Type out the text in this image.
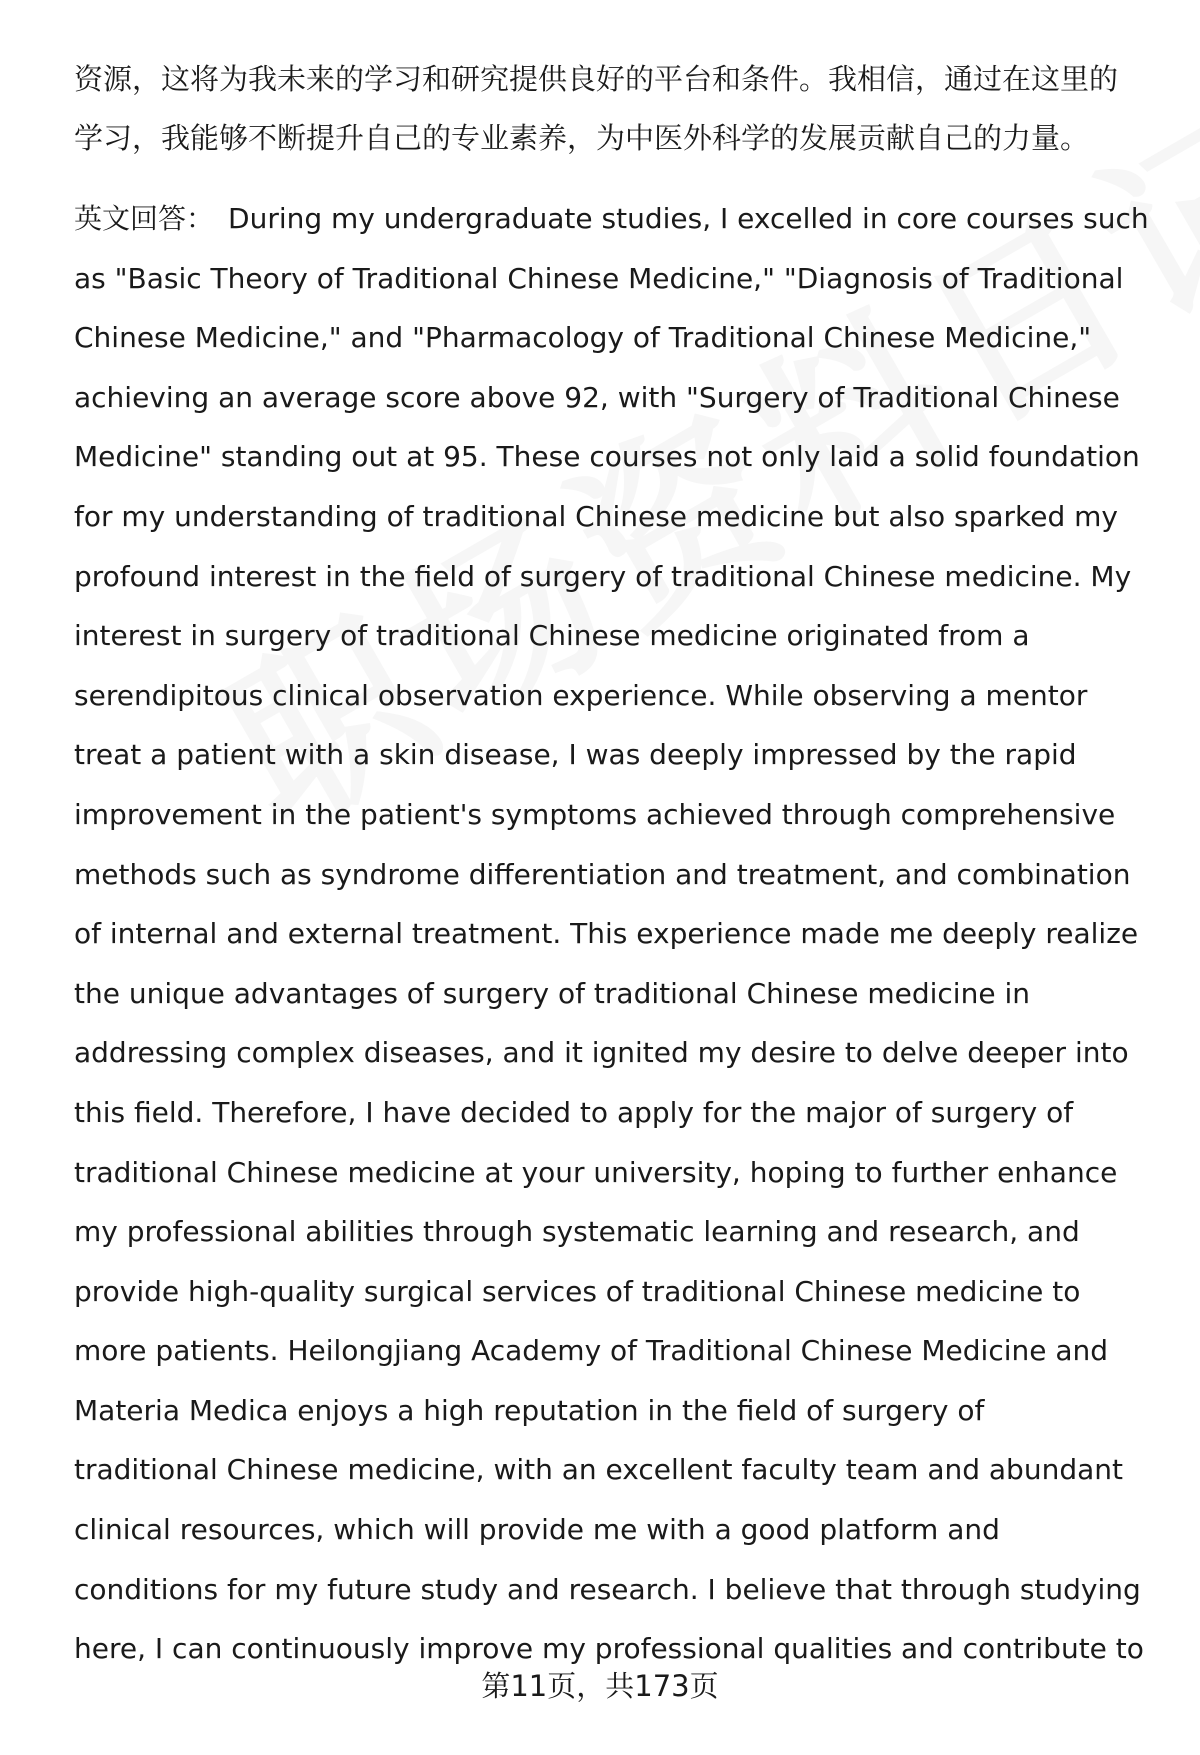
资源，这将为我未来的学习和研究提供良好的平台和条件。我相信，通过在这里的
学习，我能够不断提升自己的专业素养，为中医外科学的发展贡献自己的力量。
英文回答： During my undergraduate studies, I excelled in core courses such
as "Basic Theory of Traditional Chinese Medicine," "Diagnosis of Traditional
Chinese Medicine," and "Pharmacology of Traditional Chinese Medicine,"
achieving an average score above 92, with "Surgery of Traditional Chinese
Medicine" standing out at 95. These courses not only laid a solid foundation
for my understanding of traditional Chinese medicine but also sparked my
profound interest in the field of surgery of traditional Chinese medicine. My
interest in surgery of traditional Chinese medicine originated from a
serendipitous clinical observation experience. While observing a mentor
treat a patient with a skin disease, I was deeply impressed by the rapid
improvement in the patient's symptoms achieved through comprehensive
methods such as syndrome differentiation and treatment, and combination
of internal and external treatment. This experience made me deeply realize
the unique advantages of surgery of traditional Chinese medicine in
addressing complex diseases, and it ignited my desire to delve deeper into
this field. Therefore, I have decided to apply for the major of surgery of
traditional Chinese medicine at your university, hoping to further enhance
my professional abilities through systematic learning and research, and
provide high-quality surgical services of traditional Chinese medicine to
more patients. Heilongjiang Academy of Traditional Chinese Medicine and
Materia Medica enjoys a high reputation in the field of surgery of
traditional Chinese medicine, with an excellent faculty team and abundant
clinical resources, which will provide me with a good platform and
conditions for my future study and research. I believe that through studying
here, I can continuously improve my professional qualities and contribute to
第11页，共173页
